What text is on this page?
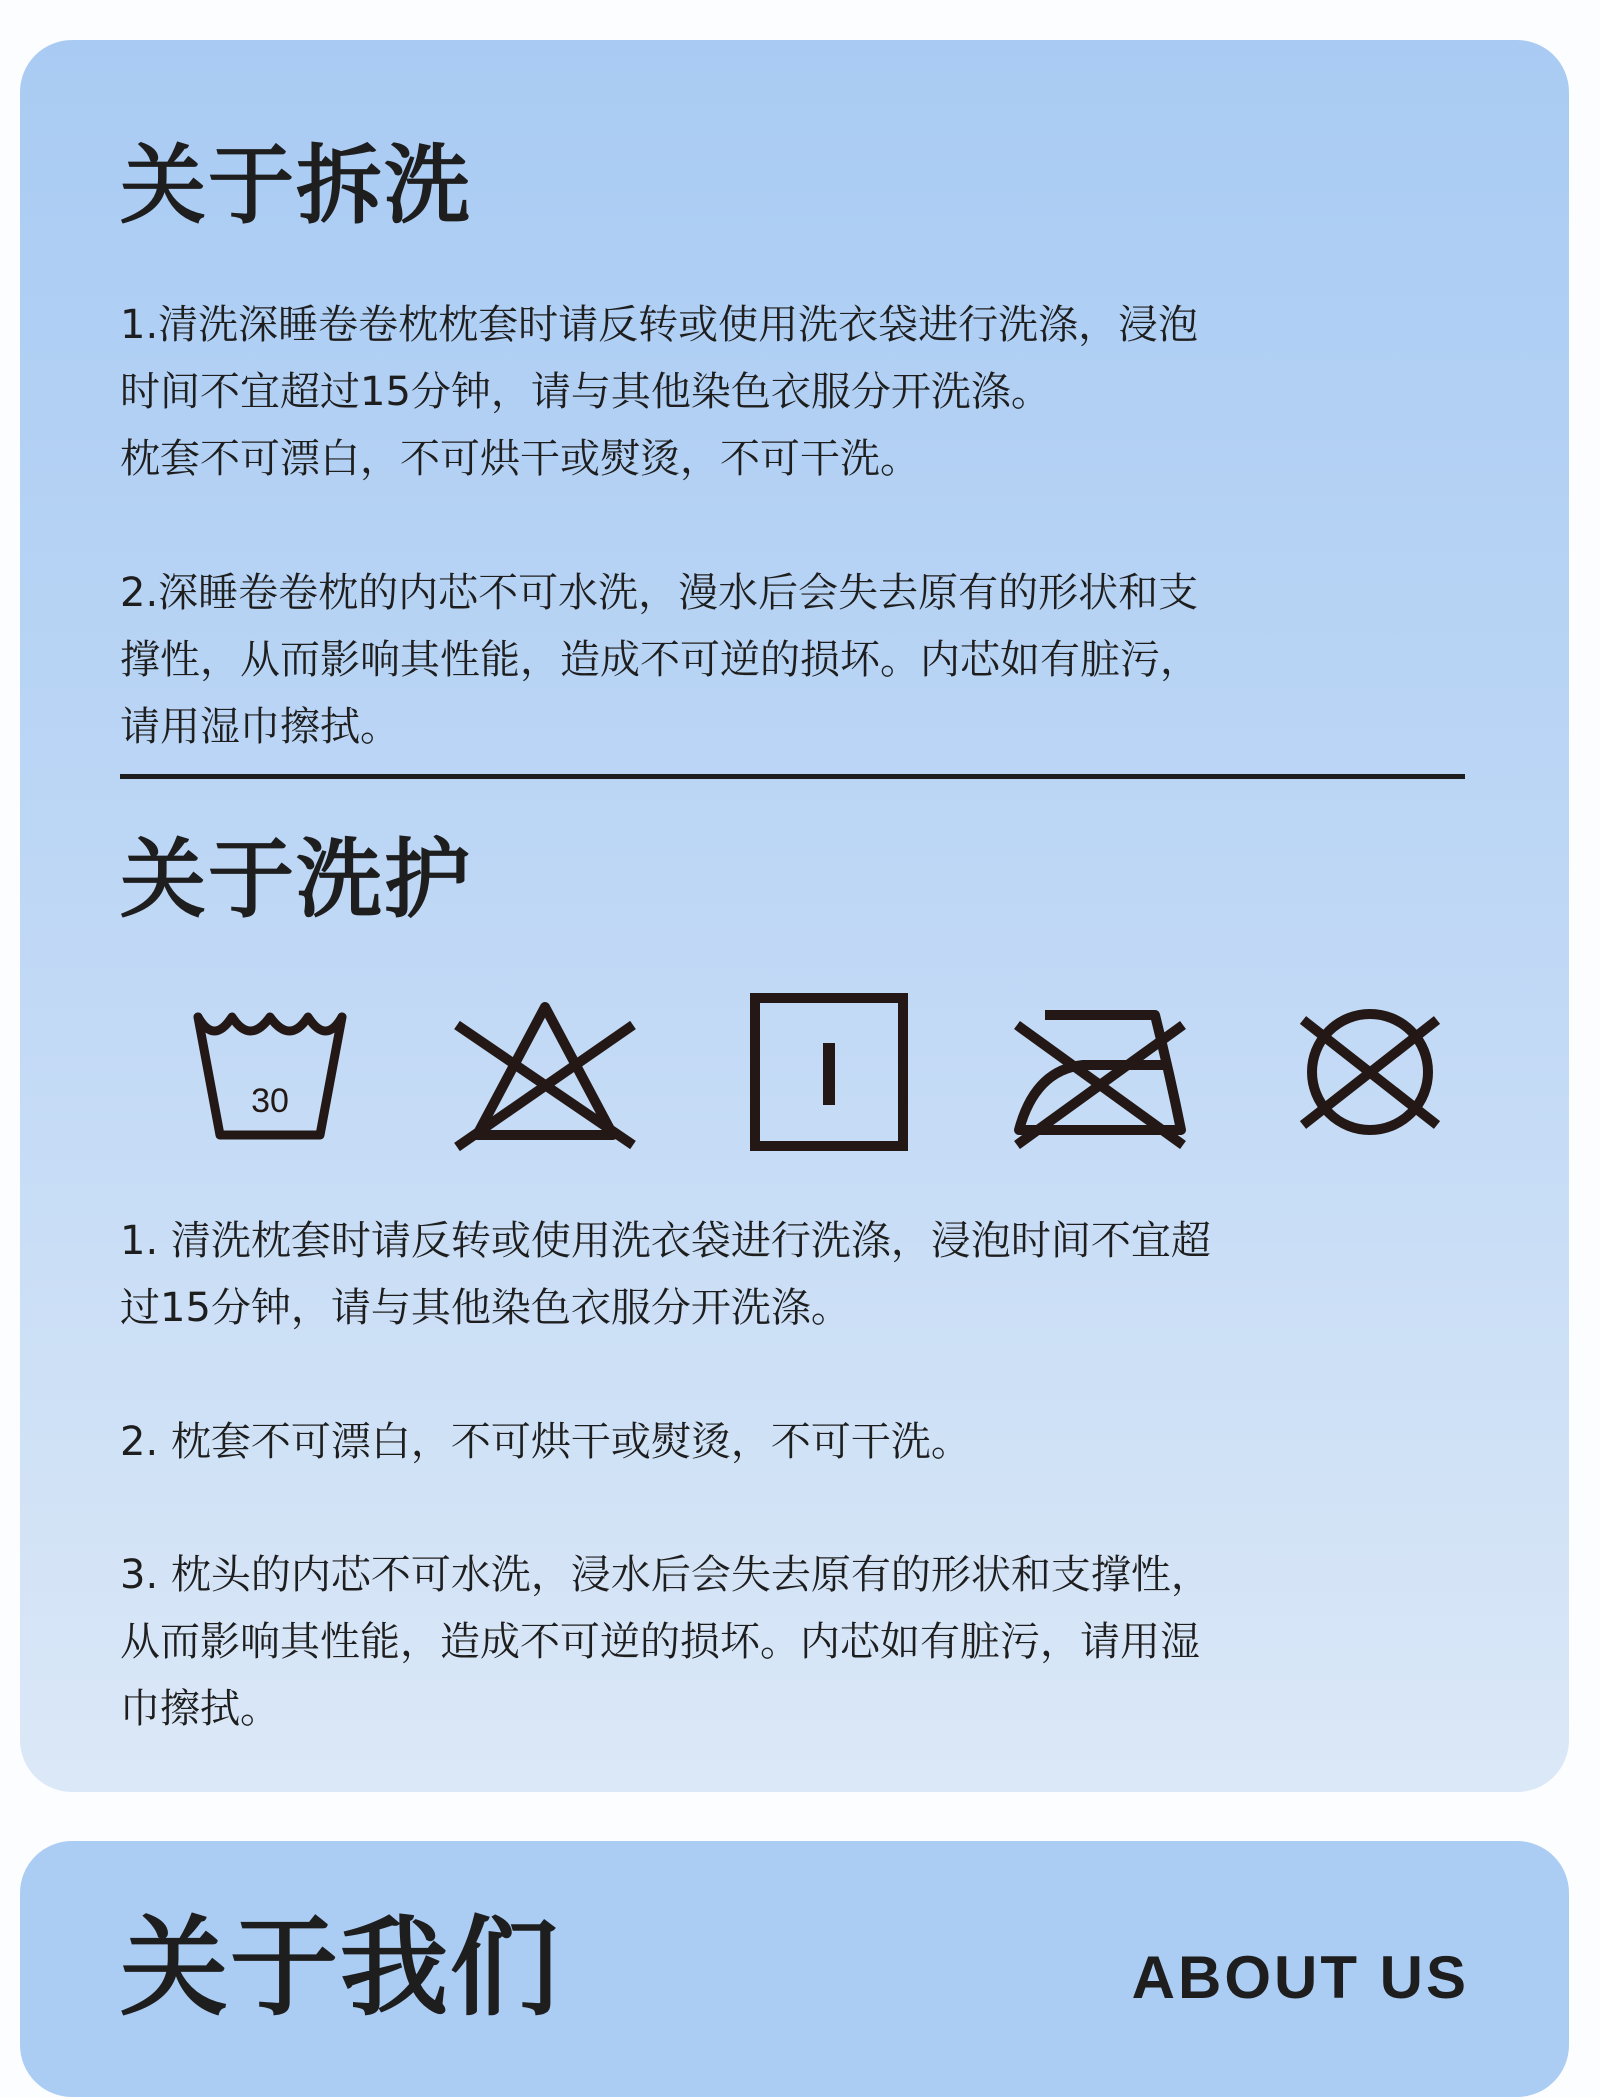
关于拆洗

1.清洗深睡卷卷枕枕套时请反转或使用洗衣袋进行洗涤，浸泡
时间不宜超过15分钟，请与其他染色衣服分开洗涤。
枕套不可漂白，不可烘干或熨烫，不可干洗。

2.深睡卷卷枕的内芯不可水洗，漫水后会失去原有的形状和支
撑性，从而影响其性能，造成不可逆的损坏。内芯如有脏污，
请用湿巾擦拭。

关于洗护
30

1. 清洗枕套时请反转或使用洗衣袋进行洗涤，浸泡时间不宜超
过15分钟，请与其他染色衣服分开洗涤。

2. 枕套不可漂白，不可烘干或熨烫，不可干洗。

3. 枕头的内芯不可水洗，浸水后会失去原有的形状和支撑性，
从而影响其性能，造成不可逆的损坏。内芯如有脏污，请用湿
巾擦拭。

关于我们	ABOUT US
